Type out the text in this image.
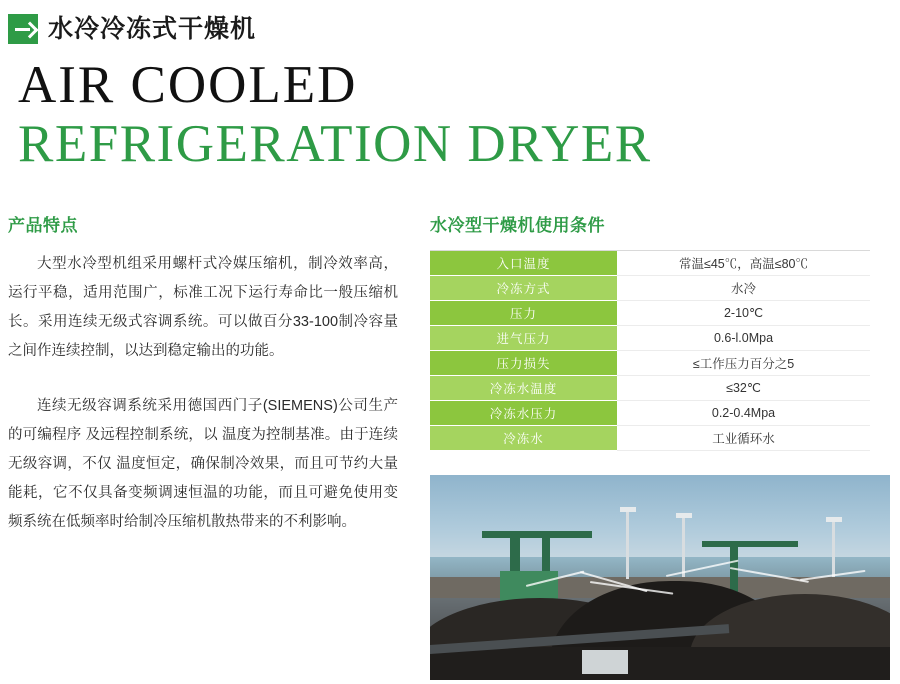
水冷冷冻式干燥机
AIR COOLED
REFRIGERATION DRYER
产品特点

大型水冷型机组采用螺杆式冷媒压缩机，制冷效率高，运行平稳，适用范围广，标准工况下运行寿命比一般压缩机长。采用连续无级式容调系统。可以做百分33-100制冷容量之间作连续控制，以达到稳定输出的功能。

连续无级容调系统采用德国西门子(SIEMENS)公司生产的可编程序 及远程控制系统，以 温度为控制基准。由于连续无级容调，不仅 温度恒定，确保制冷效果，而且可节约大量能耗，它不仅具备变频调速恒温的功能，而且可避免使用变频系统在低频率时给制冷压缩机散热带来的不利影响。

水冷型干燥机使用条件
入口温度	常温≤45℃，高温≤80℃
冷冻方式	水冷
压力	2-10℃
进气压力	0.6-l.0Mpa
压力损失	≤工作压力百分之5
冷冻水温度	≤32℃
冷冻水压力	0.2-0.4Mpa
冷冻水	工业循环水
